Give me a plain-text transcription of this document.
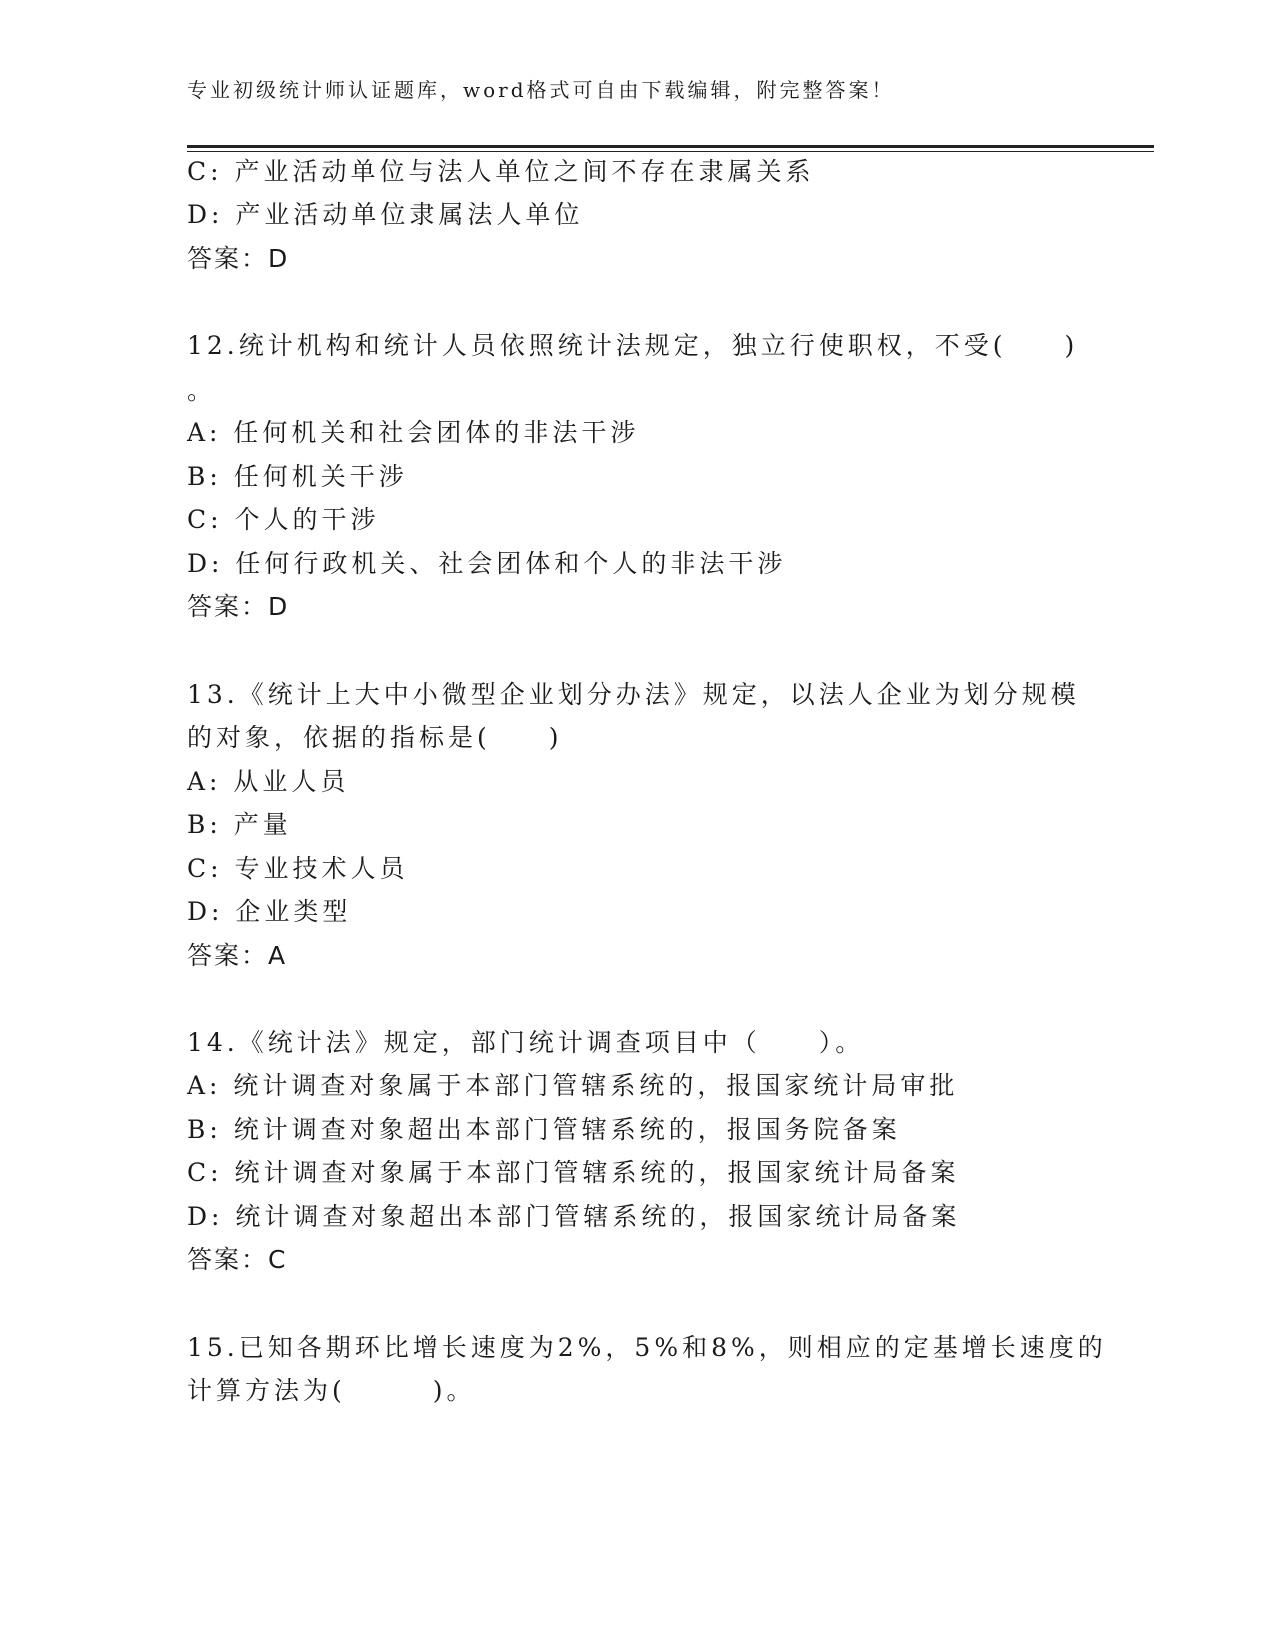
专业初级统计师认证题库，word格式可自由下载编辑，附完整答案！
C: 产业活动单位与法人单位之间不存在隶属关系
D: 产业活动单位隶属法人单位
答案：D
12.统计机构和统计人员依照统计法规定，独立行使职权，不受(　　)
。
A: 任何机关和社会团体的非法干涉
B: 任何机关干涉
C: 个人的干涉
D: 任何行政机关、社会团体和个人的非法干涉
答案：D
13.《统计上大中小微型企业划分办法》规定，以法人企业为划分规模
的对象，依据的指标是(　　)
A: 从业人员
B: 产量
C: 专业技术人员
D: 企业类型
答案：A
14.《统计法》规定，部门统计调查项目中（　　）。
A: 统计调查对象属于本部门管辖系统的，报国家统计局审批
B: 统计调查对象超出本部门管辖系统的，报国务院备案
C: 统计调查对象属于本部门管辖系统的，报国家统计局备案
D: 统计调查对象超出本部门管辖系统的，报国家统计局备案
答案：C
15.已知各期环比增长速度为2%，5%和8%，则相应的定基增长速度的
计算方法为(　　　)。
